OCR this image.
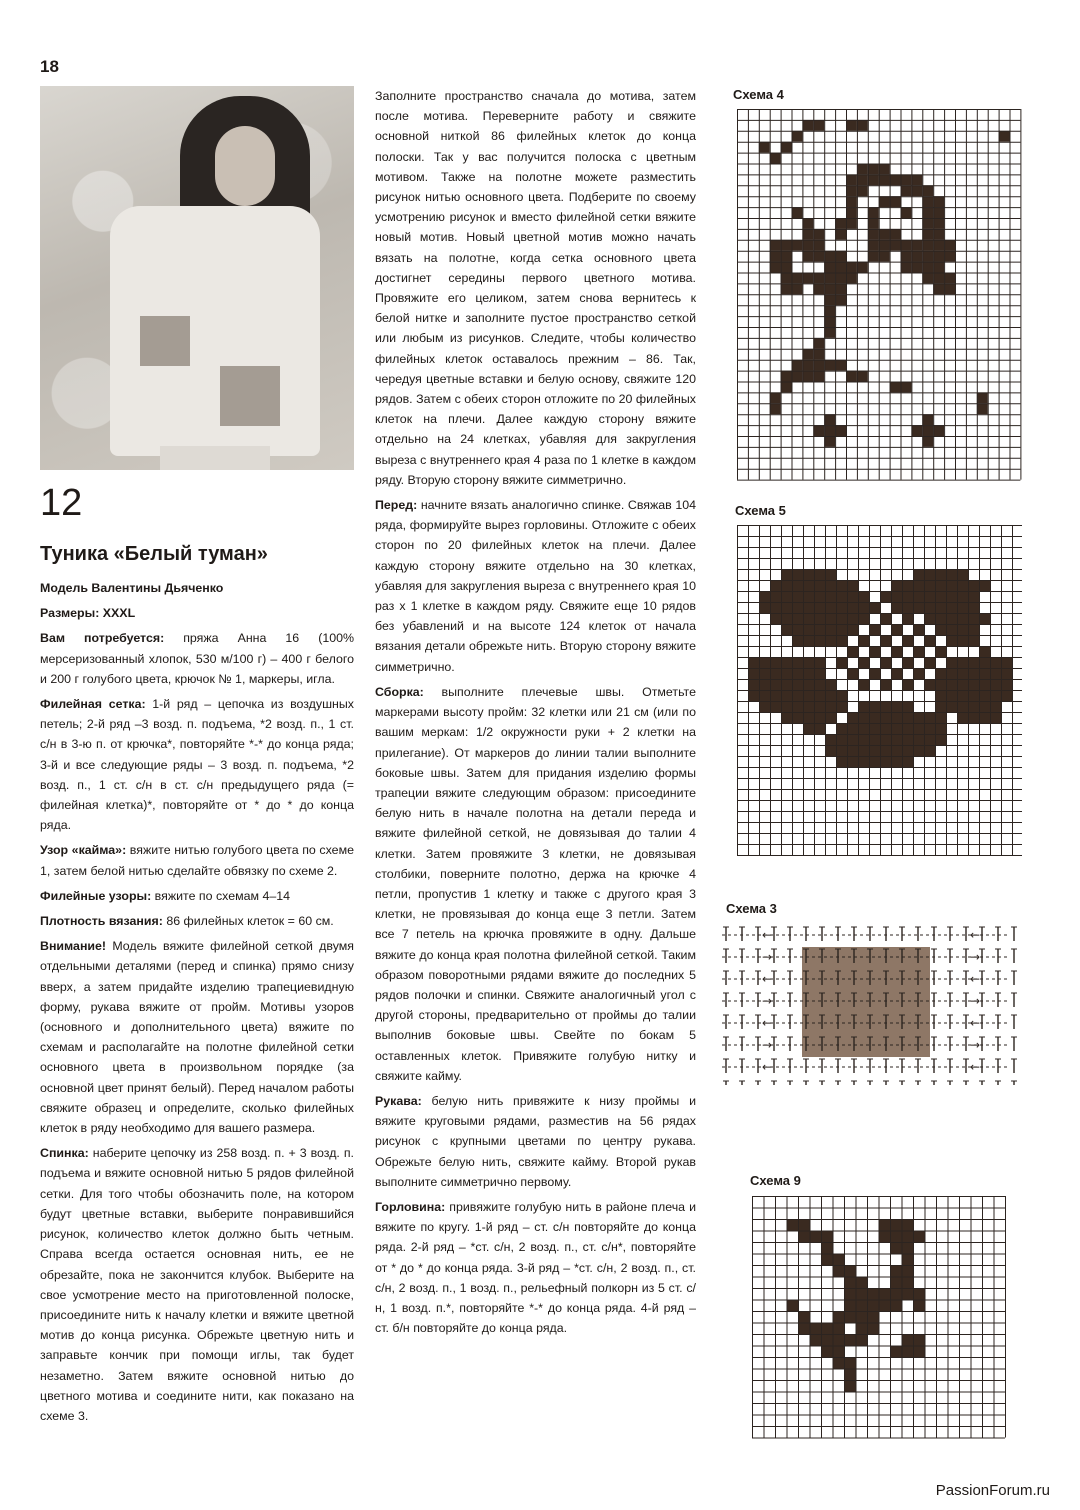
18
12
Туника «Белый туман»

Модель Валентины Дьяченко

Размеры: XXXL

Вам потребуется: пряжа Анна 16 (100% мерсеризованный хлопок, 530 м/100 г) – 400 г белого и 200 г голубого цвета, крючок № 1, маркеры, игла.

Филейная сетка: 1-й ряд – цепочка из воздушных петель; 2-й ряд –3 возд. п. подъема, *2 возд. п., 1 ст. с/н в 3-ю п. от крючка*, повторяйте *-* до конца ряда; 3-й и все следующие ряды – 3 возд. п. подъема, *2 возд. п., 1 ст. с/н в ст. с/н предыдущего ряда (= филейная клетка)*, повторяйте от * до * до конца ряда.

Узор «кайма»: вяжите нитью голубого цвета по схеме 1, затем белой нитью сделайте обвязку по схеме 2.

Филейные узоры: вяжите по схемам 4–14

Плотность вязания: 86 филейных клеток = 60 см.

Внимание! Модель вяжите филейной сеткой двумя отдельными деталями (перед и спинка) прямо снизу вверх, а затем придайте изделию трапециевидную форму, рукава вяжите от пройм. Мотивы узоров (основного и дополнительного цвета) вяжите по схемам и располагайте на полотне филейной сетки основного цвета в произвольном порядке (за основной цвет принят белый). Перед началом работы свяжите образец и определите, сколько филейных клеток в ряду необходимо для вашего размера.

Спинка: наберите цепочку из 258 возд. п. + 3 возд. п. подъема и вяжите основной нитью 5 рядов филейной сетки. Для того чтобы обозначить поле, на котором будут цветные вставки, выберите понравившийся рисунок, количество клеток должно быть четным. Справа всегда остается основная нить, ее не обрезайте, пока не закончится клубок. Выберите на свое усмотрение место на приготовленной полоске, присоедините нить к началу клетки и вяжите цветной мотив до конца рисунка. Обрежьте цветную нить и заправьте кончик при помощи иглы, так будет незаметно. Затем вяжите основной нитью до цветного мотива и соедините нити, как показано на схеме 3.

Заполните пространство сначала до мотива, затем после мотива. Переверните работу и свяжите основной ниткой 86 филейных клеток до конца полоски. Так у вас получится полоска с цветным мотивом. Также на полотне можете разместить рисунок нитью основного цвета. Подберите по своему усмотрению рисунок и вместо филейной сетки вяжите новый мотив. Новый цветной мотив можно начать вязать на полотне, когда сетка основного цвета достигнет середины первого цветного мотива. Провяжите его целиком, затем снова вернитесь к белой нитке и заполните пустое пространство сеткой или любым из рисунков. Следите, чтобы количество филейных клеток оставалось прежним – 86. Так, чередуя цветные вставки и белую основу, свяжите 120 рядов. Затем с обеих сторон отложите по 20 филейных клеток на плечи. Далее каждую сторону вяжите отдельно на 24 клетках, убавляя для закругления выреза с внутреннего края 4 раза по 1 клетке в каждом ряду. Вторую сторону вяжите симметрично.

Перед: начните вязать аналогично спинке. Свяжав 104 ряда, формируйте вырез горловины. Отложите с обеих сторон по 20 филейных клеток на плечи. Далее каждую сторону вяжите отдельно на 30 клетках, убавляя для закругления выреза с внутреннего края 10 раз х 1 клетке в каждом ряду. Свяжите еще 10 рядов без убавлений и на высоте 124 клеток от начала вязания детали обрежьте нить. Вторую сторону вяжите симметрично.

Сборка: выполните плечевые швы. Отметьте маркерами высоту пройм: 32 клетки или 21 см (или по вашим меркам: 1/2 окружности руки + 2 клетки на прилегание). От маркеров до линии талии выполните боковые швы. Затем для придания изделию формы трапеции вяжите следующим образом: присоедините белую нить в начале полотна на детали переда и вяжите филейной сеткой, не довязывая до талии 4 клетки. Затем провяжите 3 клетки, не довязывая столбики, поверните полотно, держа на крючке 4 петли, пропустив 1 клетку и также с другого края 3 клетки, не провязывая до конца еще 3 петли. Затем все 7 петель на крючка провяжите в одну. Дальше вяжите до конца края полотна филейной сеткой. Таким образом поворотными рядами вяжите до последних 5 рядов полочки и спинки. Свяжите аналогичный угол с другой стороны, предварительно от проймы до талии выполнив боковые швы. Свейте по бокам 5 оставленных клеток. Привяжите голубую нитку и свяжите кайму.

Рукава: белую нить привяжите к низу проймы и вяжите круговыми рядами, разместив на 56 рядах рисунок с крупными цветами по центру рукава. Обрежьте белую нить, свяжите кайму. Второй рукав выполните симметрично первому.

Горловина: привяжите голубую нить в районе плеча и вяжите по кругу. 1-й ряд – ст. с/н повторяйте до конца ряда. 2-й ряд – *ст. с/н, 2 возд. п., ст. с/н*, повторяйте от * до * до конца ряда. 3-й ряд – *ст. с/н, 2 возд. п., ст. с/н, 2 возд. п., 1 возд. п., рельефный полкорн из 5 ст. с/н, 1 возд. п.*, повторяйте *-* до конца ряда. 4-й ряд – ст. б/н повторяйте до конца ряда.

Схема 4
Схема 5
Схема 3
←	←
→	→
←	←
→	→
←	←
→	→
←	←
Схема 9
PassionForum.ru
